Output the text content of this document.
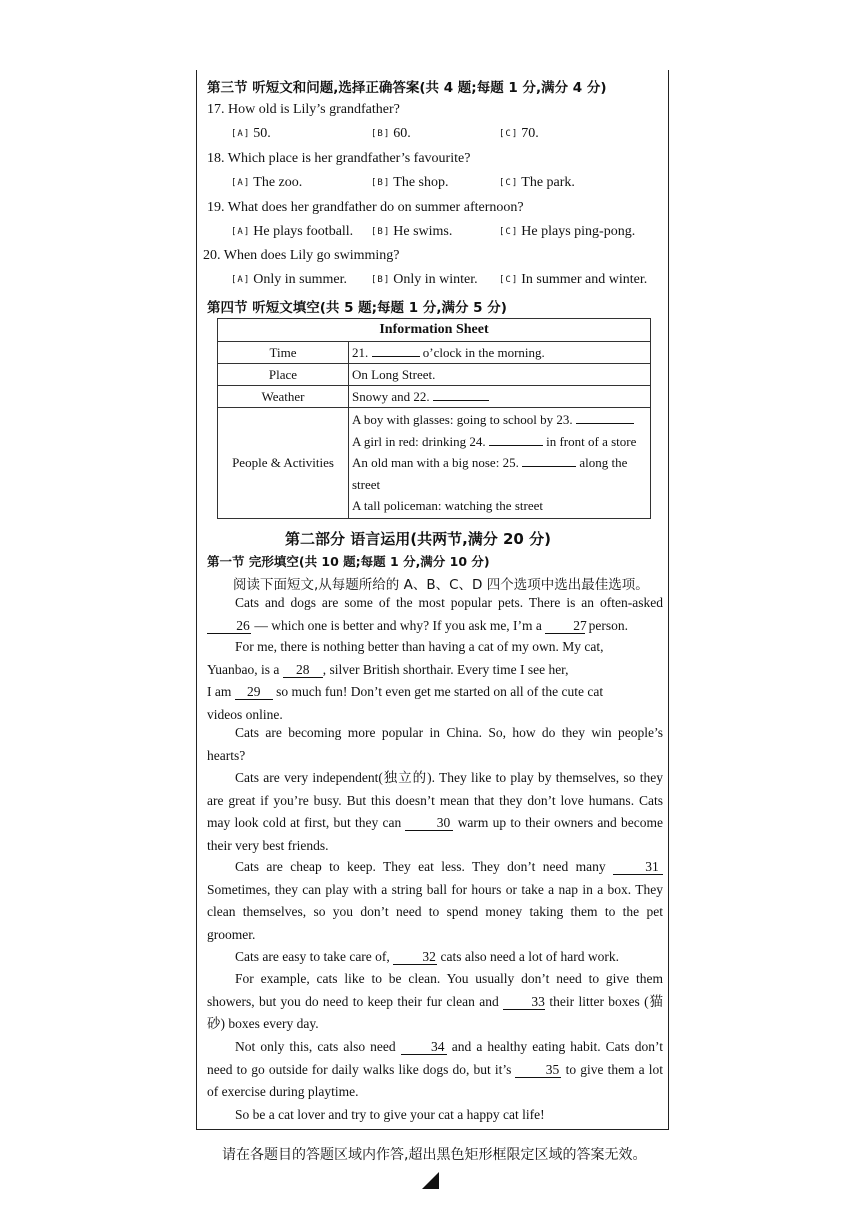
第三节 听短文和问题,选择正确答案(共 4 题;每题 1 分,满分 4 分)
17. How old is Lily’s grandfather?
[A] 50.	[B] 60.	[C] 70.
18. Which place is her grandfather’s favourite?
[A] The zoo.	[B] The shop.	[C] The park.
19. What does her grandfather do on summer afternoon?
[A] He plays football. [B] He swims.	[C] He plays ping-pong.
20. When does Lily go swimming?
[A] Only in summer.	[B] Only in winter. [C] In summer and winter.
第四节 听短文填空(共 5 题;每题 1 分,满分 5 分)
Information Sheet	
Time	21. o’clock in the morning.
Place	On Long Street.
Weather	Snowy and 22.
People & Activities	A boy with glasses: going to school by 23.
A girl in red: drinking 24. in front of a store
An old man with a big nose: 25. along the
street
A tall policeman: watching the street
第二部分 语言运用(共两节,满分 20 分)
第一节 完形填空(共 10 题;每题 1 分,满分 10 分)
阅读下面短文,从每题所给的 A、B、C、D 四个选项中选出最佳选项。
Cats and dogs are some of the most popular pets. There is an often-asked 26 — which one is better and why? If you ask me, I’m a 27 person.
For me, there is nothing better than having a cat of my own. My cat,
Yuanbao, is a 28 , silver British shorthair. Every time I see her,
I am 29 so much fun! Don’t even get me started on all of the cute cat
videos online.
Cats are becoming more popular in China. So, how do they win people’s hearts?
Cats are very independent(独立的). They like to play by themselves, so they are great if you’re busy. But this doesn’t mean that they don’t love humans. Cats may look cold at first, but they can	30 warm up to their owners and become their very best friends.
Cats are cheap to keep. They eat less. They don’t need many	31 Sometimes, they can play with a string ball for hours or take a nap in a box. They clean themselves, so you don’t need to spend money taking them to the pet groomer.
Cats are easy to take care of, 32 cats also need a lot of hard work.
For example, cats like to be clean. You usually don’t need to give them showers, but you do need to keep their fur clean and 33 their litter boxes (猫砂) boxes every day.
Not only this, cats also need	34 and a healthy eating habit. Cats don’t need to go outside for daily walks like dogs do, but it’s	35 to give them a lot of exercise during playtime.
So be a cat lover and try to give your cat a happy cat life!
请在各题目的答题区域内作答,超出黑色矩形框限定区域的答案无效。
